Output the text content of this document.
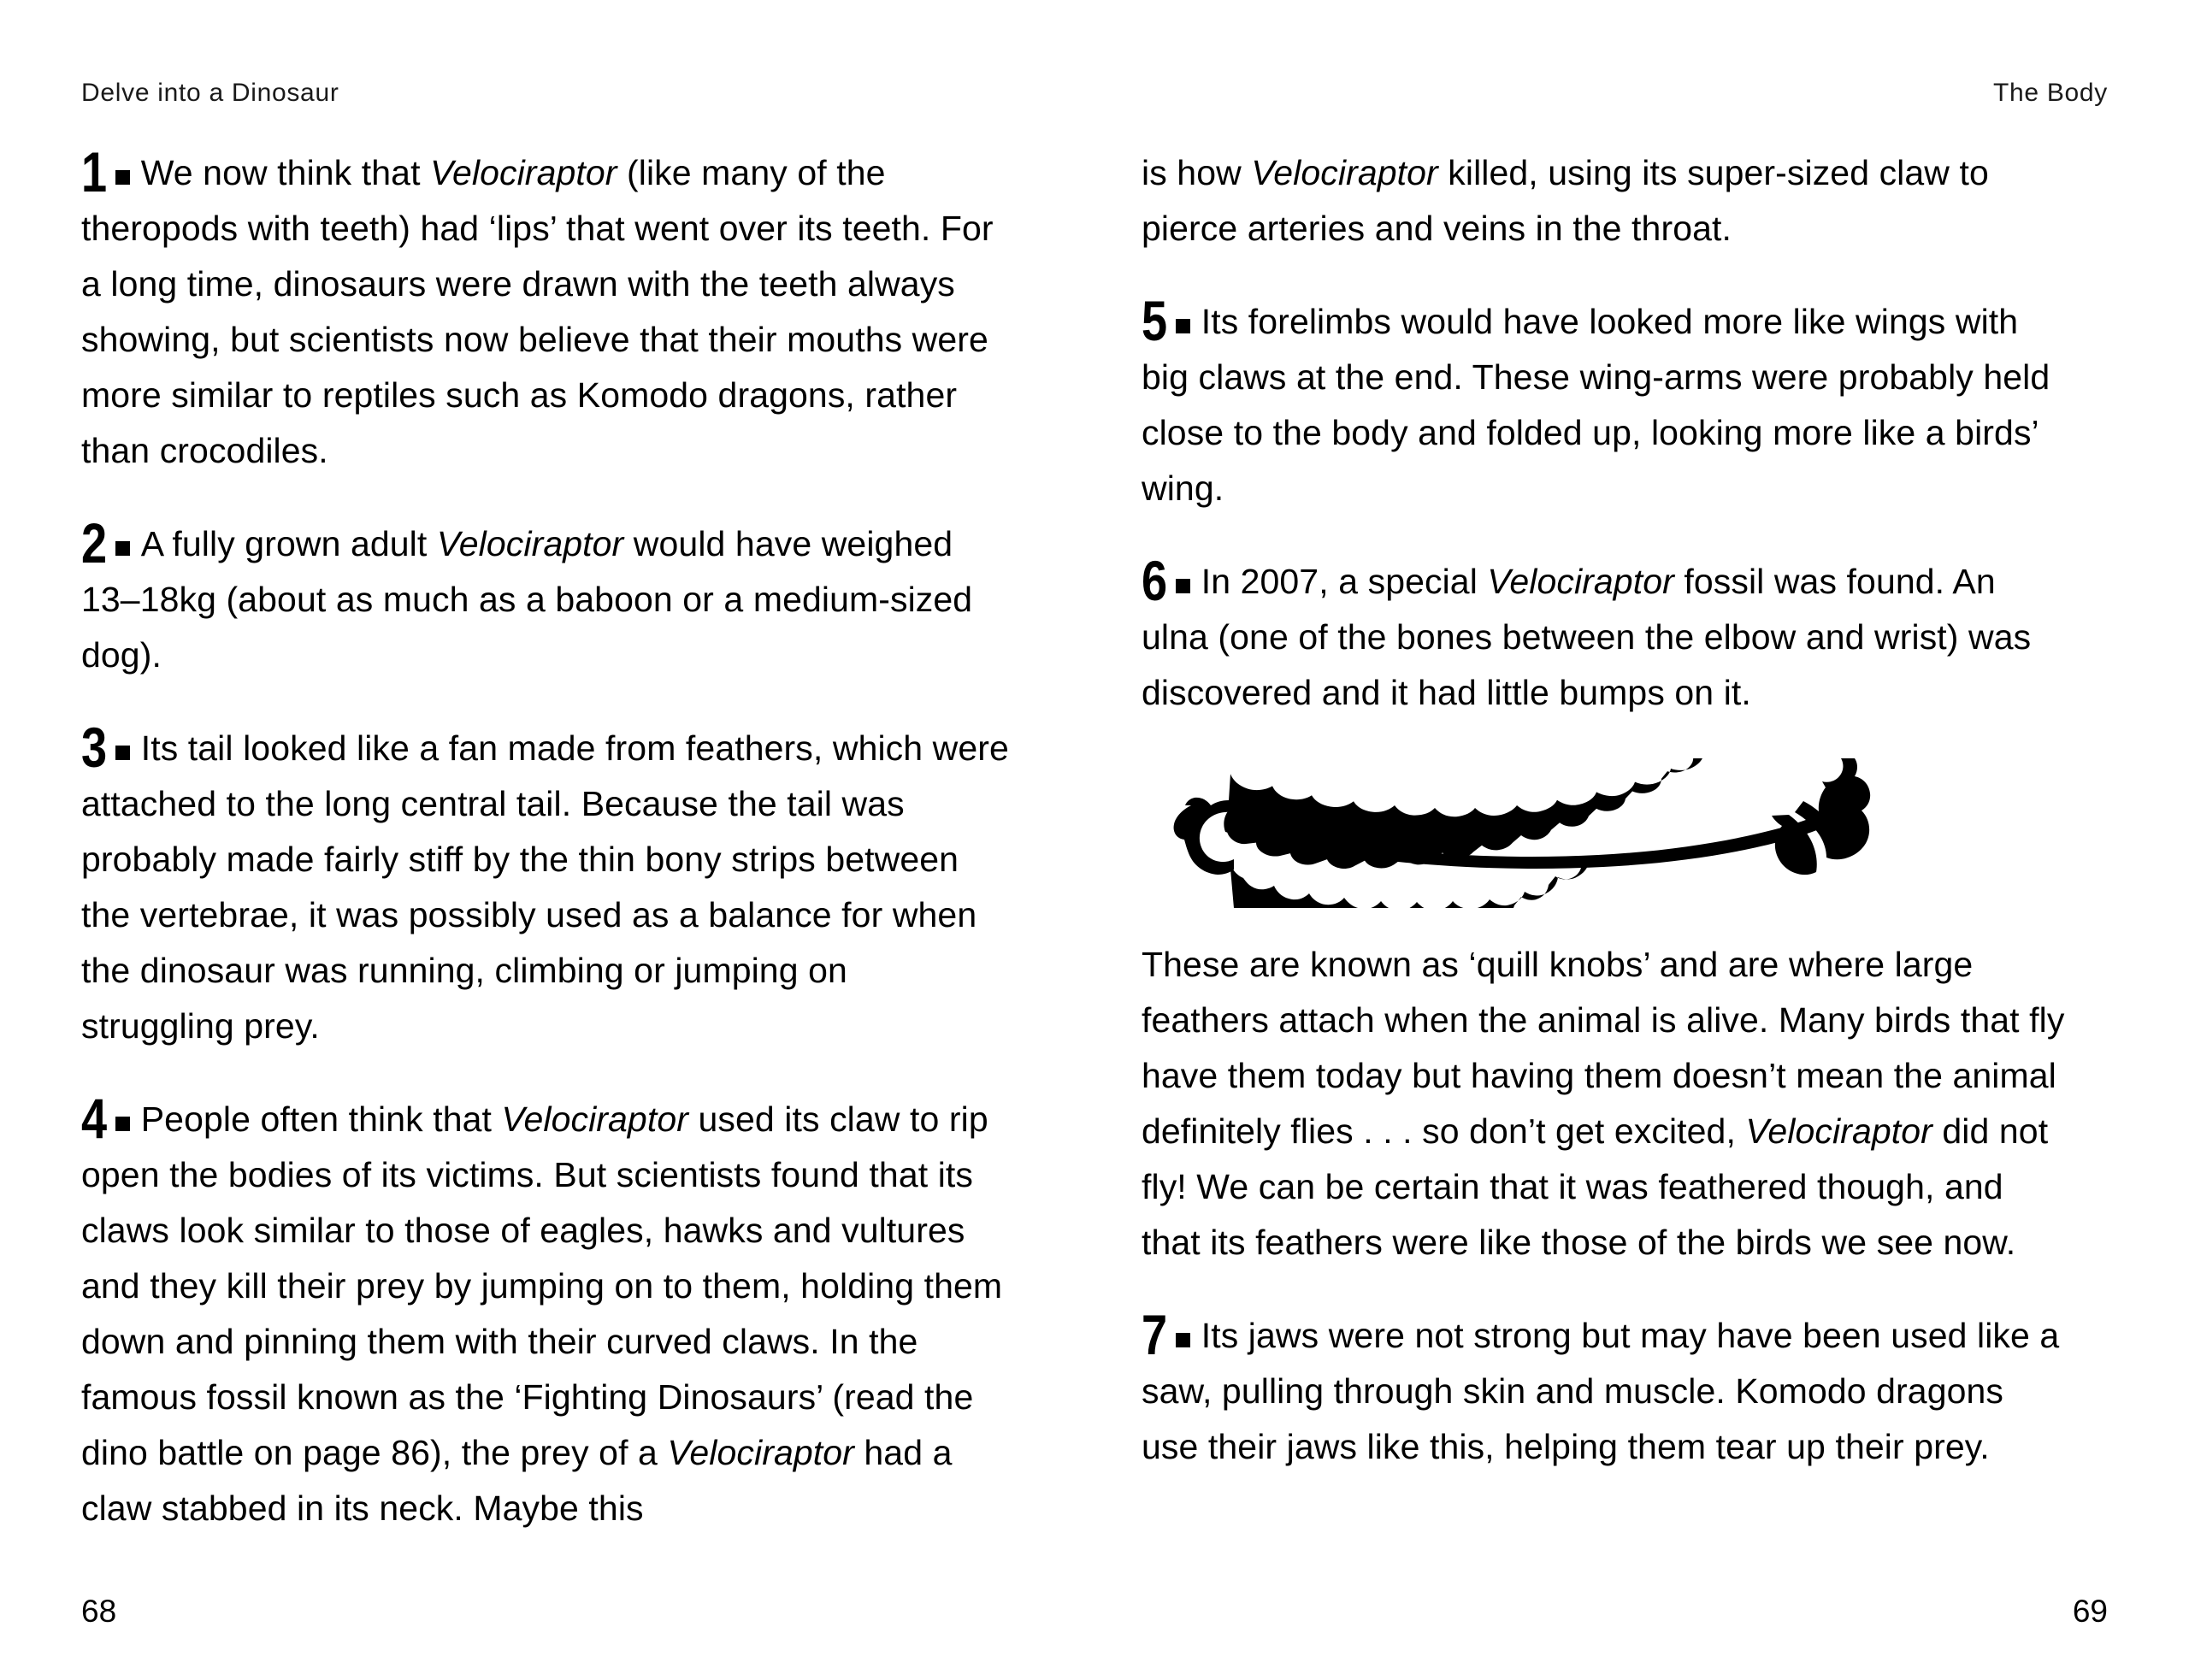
Delve into a Dinosaur	The Body

1 We now think that Velociraptor (like many of the theropods with teeth) had ‘lips’ that went over its teeth. For a long time, dinosaurs were drawn with the teeth always showing, but scientists now believe that their mouths were more similar to reptiles such as Komodo dragons, rather than crocodiles.

2 A fully grown adult Velociraptor would have weighed 13–18kg (about as much as a baboon or a medium-sized dog).

3 Its tail looked like a fan made from feathers, which were attached to the long central tail. Because the tail was probably made fairly stiff by the thin bony strips between the vertebrae, it was possibly used as a balance for when the dinosaur was running, climbing or jumping on struggling prey.

4 People often think that Velociraptor used its claw to rip open the bodies of its victims. But scientists found that its claws look similar to those of eagles, hawks and vultures and they kill their prey by jumping on to them, holding them down and pinning them with their curved claws. In the famous fossil known as the ‘Fighting Dinosaurs’ (read the dino battle on page 86), the prey of a Velociraptor had a claw stabbed in its neck. Maybe this

is how Velociraptor killed, using its super-sized claw to pierce arteries and veins in the throat.

5 Its forelimbs would have looked more like wings with big claws at the end. These wing-arms were probably held close to the body and folded up, looking more like a birds’ wing.

6 In 2007, a special Velociraptor fossil was found. An ulna (one of the bones between the elbow and wrist) was discovered and it had little bumps on it.

These are known as ‘quill knobs’ and are where large feathers attach when the animal is alive. Many birds that fly have them today but having them doesn’t mean the animal definitely flies . . . so don’t get excited, Velociraptor did not fly! We can be certain that it was feathered though, and that its feathers were like those of the birds we see now.

7 Its jaws were not strong but may have been used like a saw, pulling through skin and muscle. Komodo dragons use their jaws like this, helping them tear up their prey.

68	69
